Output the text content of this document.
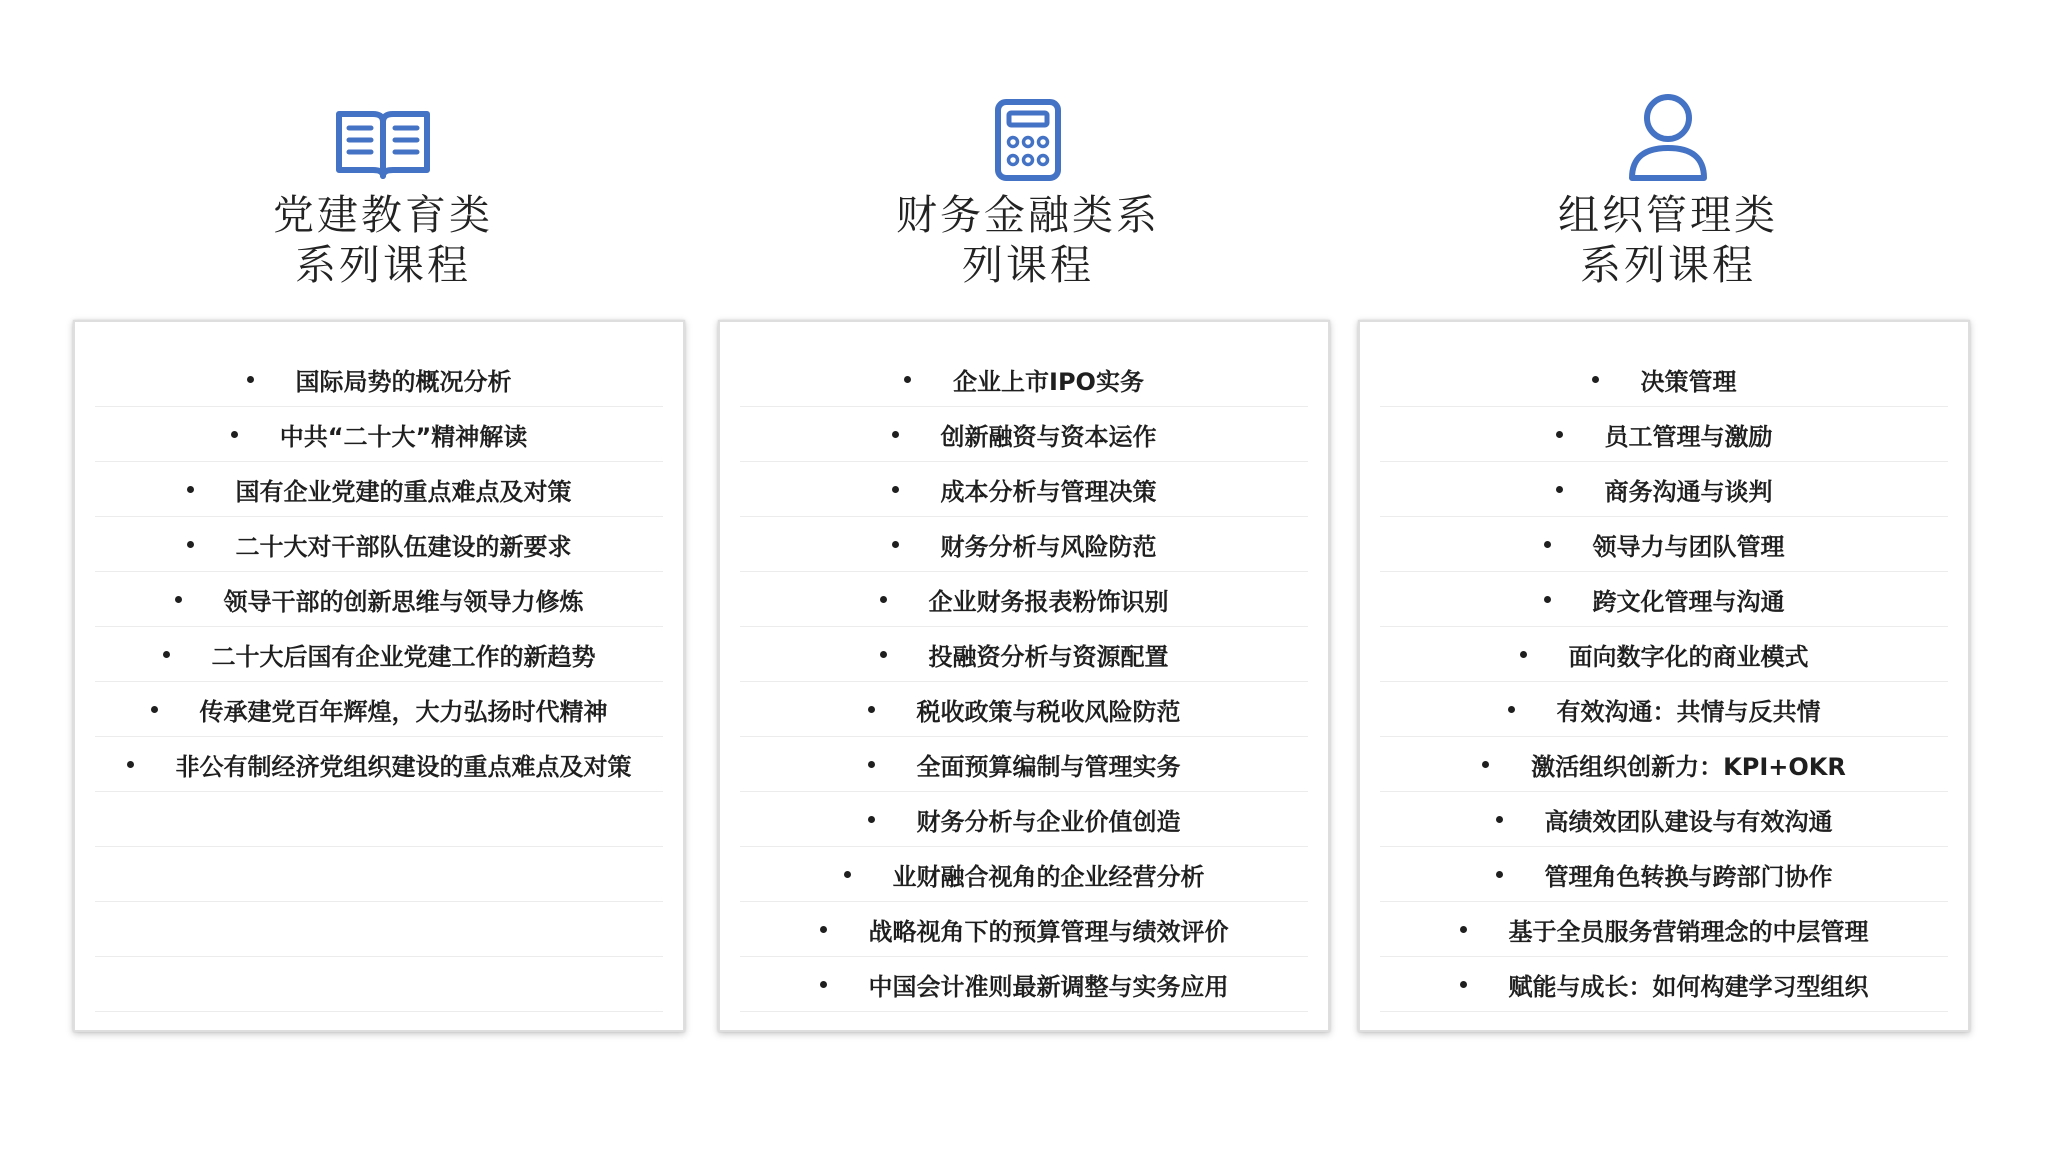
党建教育类
系列课程
国际局势的概况分析
中共“二十大”精神解读
国有企业党建的重点难点及对策
二十大对干部队伍建设的新要求
领导干部的创新思维与领导力修炼
二十大后国有企业党建工作的新趋势
传承建党百年辉煌，大力弘扬时代精神
非公有制经济党组织建设的重点难点及对策
财务金融类系
列课程
企业上市IPO实务
创新融资与资本运作
成本分析与管理决策
财务分析与风险防范
企业财务报表粉饰识别
投融资分析与资源配置
税收政策与税收风险防范
全面预算编制与管理实务
财务分析与企业价值创造
业财融合视角的企业经营分析
战略视角下的预算管理与绩效评价
中国会计准则最新调整与实务应用
组织管理类
系列课程
决策管理
员工管理与激励
商务沟通与谈判
领导力与团队管理
跨文化管理与沟通
面向数字化的商业模式
有效沟通：共情与反共情
激活组织创新力：KPI+OKR
高绩效团队建设与有效沟通
管理角色转换与跨部门协作
基于全员服务营销理念的中层管理
赋能与成长：如何构建学习型组织
